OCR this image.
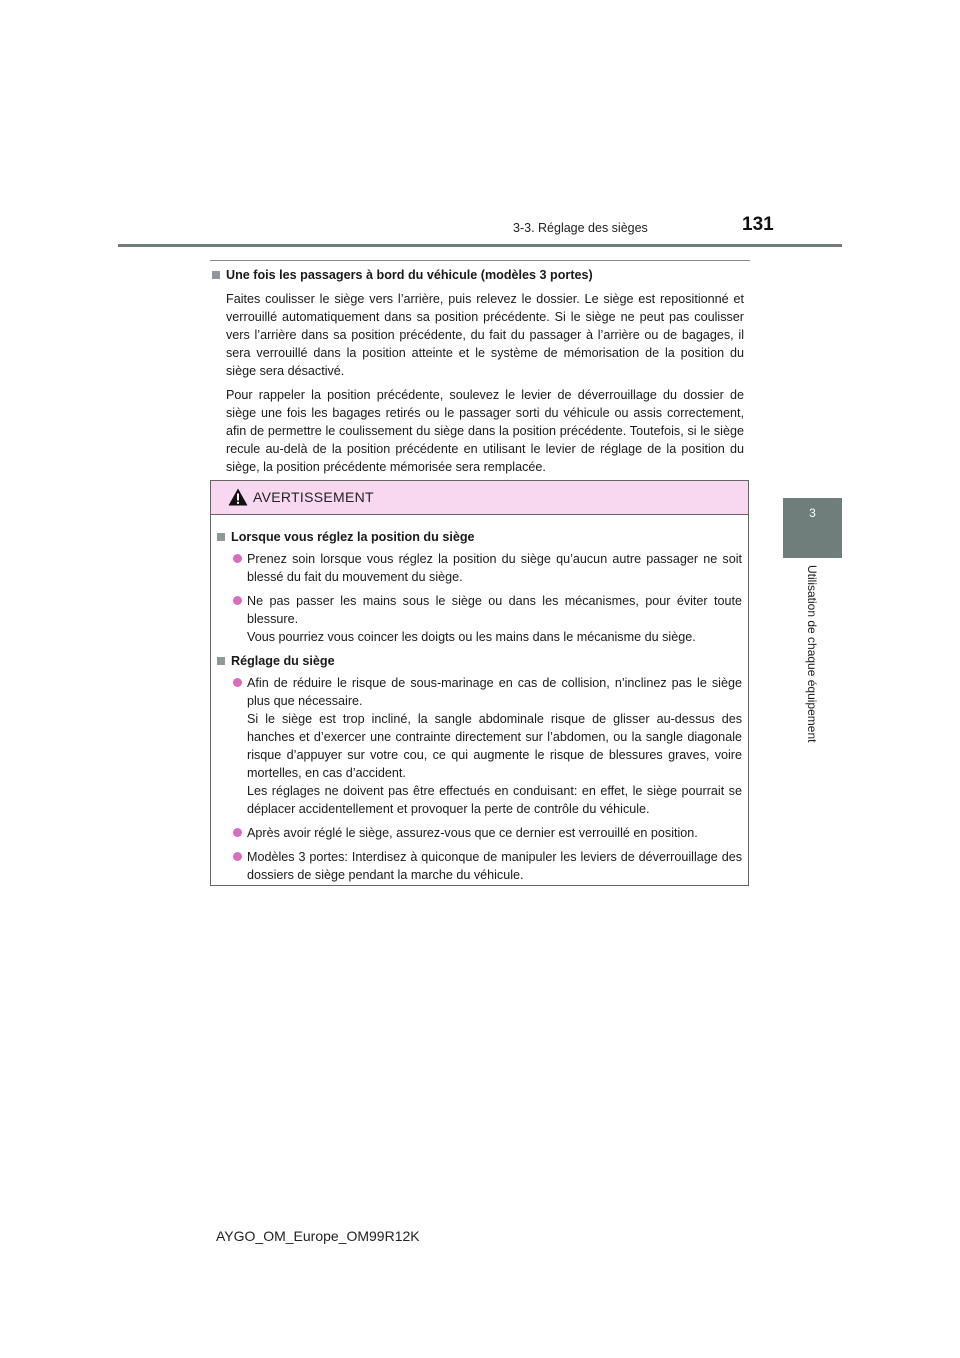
3-3. Réglage des sièges	131
3
Utilisation de chaque équipement
Une fois les passagers à bord du véhicule (modèles 3 portes)

Faites coulisser le siège vers l’arrière, puis relevez le dossier. Le siège est repositionné et verrouillé automatiquement dans sa position précédente. Si le siège ne peut pas coulisser vers l’arrière dans sa position précédente, du fait du passager à l’arrière ou de bagages, il sera verrouillé dans la position atteinte et le système de mémorisation de la position du siège sera désactivé.

Pour rappeler la position précédente, soulevez le levier de déverrouillage du dossier de siège une fois les bagages retirés ou le passager sorti du véhicule ou assis correctement, afin de permettre le coulissement du siège dans la position précédente. Toutefois, si le siège recule au-delà de la position précédente en utilisant le levier de réglage de la position du siège, la position précédente mémorisée sera remplacée.

AVERTISSEMENT
Lorsque vous réglez la position du siège
Prenez soin lorsque vous réglez la position du siège qu’aucun autre passager ne soit blessé du fait du mouvement du siège.
Ne pas passer les mains sous le siège ou dans les mécanismes, pour éviter toute blessure.
Vous pourriez vous coincer les doigts ou les mains dans le mécanisme du siège.
Réglage du siège
Afin de réduire le risque de sous-marinage en cas de collision, n’inclinez pas le siège plus que nécessaire.
Si le siège est trop incliné, la sangle abdominale risque de glisser au-dessus des hanches et d’exercer une contrainte directement sur l’abdomen, ou la sangle diagonale risque d’appuyer sur votre cou, ce qui augmente le risque de blessures graves, voire mortelles, en cas d’accident.
Les réglages ne doivent pas être effectués en conduisant: en effet, le siège pourrait se déplacer accidentellement et provoquer la perte de contrôle du véhicule.
Après avoir réglé le siège, assurez-vous que ce dernier est verrouillé en position.
Modèles 3 portes: Interdisez à quiconque de manipuler les leviers de déverrouillage des dossiers de siège pendant la marche du véhicule.
AYGO_OM_Europe_OM99R12K
